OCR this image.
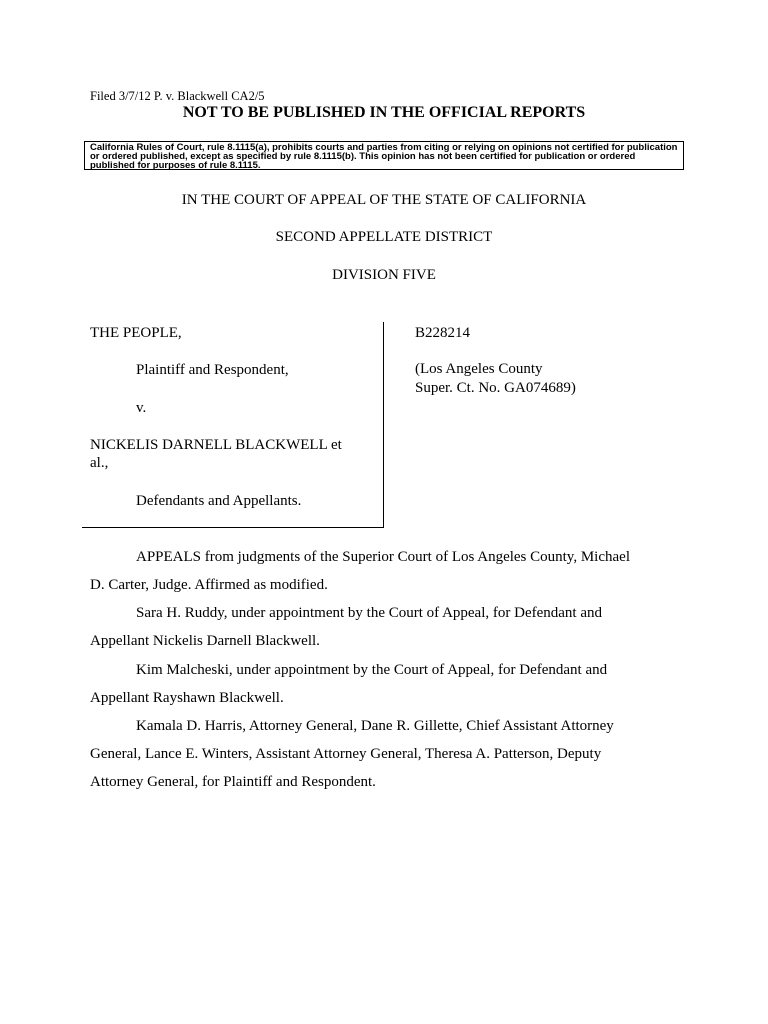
Filed 3/7/12 P. v. Blackwell CA2/5
NOT TO BE PUBLISHED IN THE OFFICIAL REPORTS
California Rules of Court, rule 8.1115(a), prohibits courts and parties from citing or relying on opinions not certified for publication or ordered published, except as specified by rule 8.1115(b). This opinion has not been certified for publication or ordered published for purposes of rule 8.1115.
IN THE COURT OF APPEAL OF THE STATE OF CALIFORNIA
SECOND APPELLATE DISTRICT
DIVISION FIVE
THE PEOPLE,
Plaintiff and Respondent,
v.
NICKELIS DARNELL BLACKWELL et
al.,
Defendants and Appellants.
B228214
(Los Angeles County
Super. Ct. No. GA074689)
APPEALS from judgments of the Superior Court of Los Angeles County, Michael
D. Carter, Judge. Affirmed as modified.
Sara H. Ruddy, under appointment by the Court of Appeal, for Defendant and
Appellant Nickelis Darnell Blackwell.
Kim Malcheski, under appointment by the Court of Appeal, for Defendant and
Appellant Rayshawn Blackwell.
Kamala D. Harris, Attorney General, Dane R. Gillette, Chief Assistant Attorney
General, Lance E. Winters, Assistant Attorney General, Theresa A. Patterson, Deputy
Attorney General, for Plaintiff and Respondent.
